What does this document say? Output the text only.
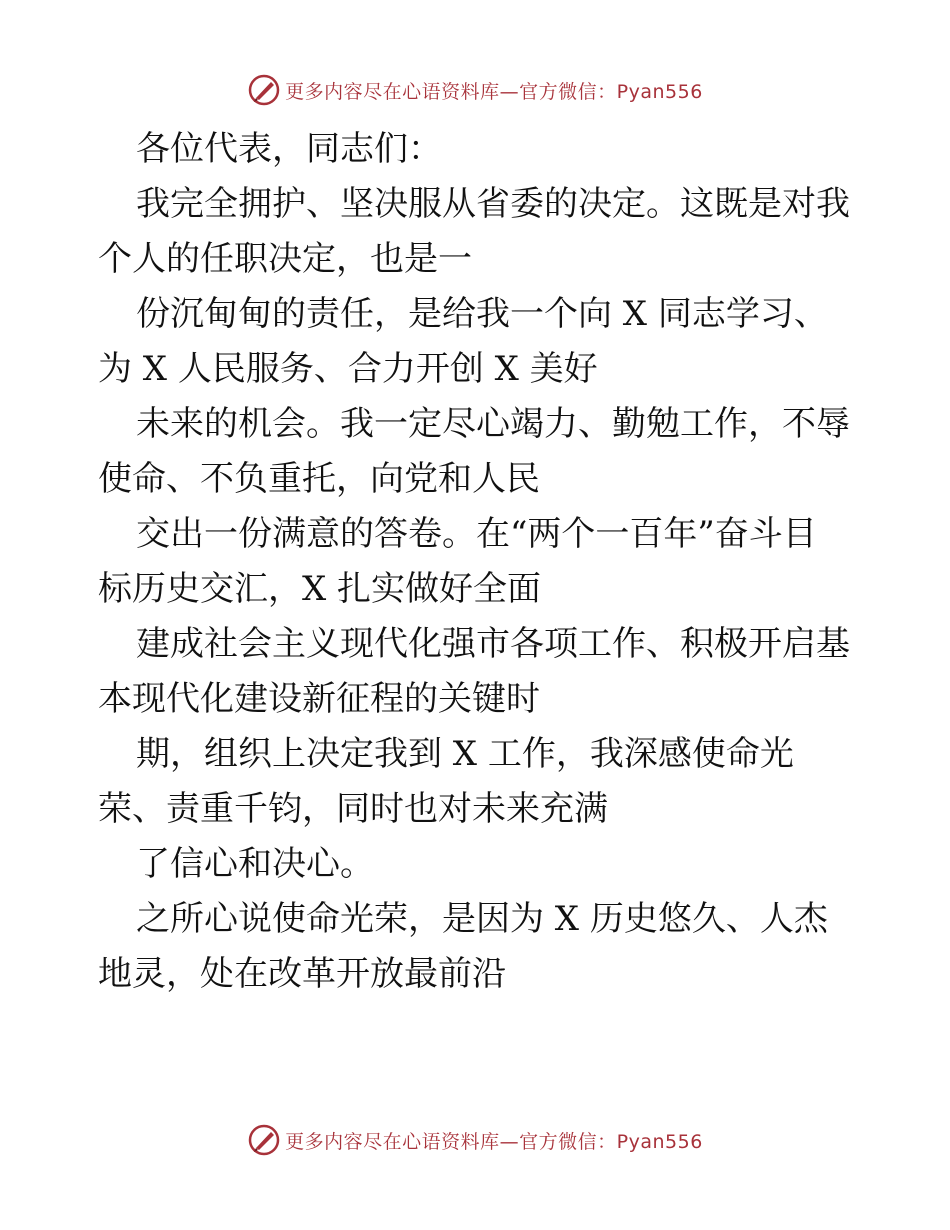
更多内容尽在心语资料库—官方微信：Pyan556
各位代表，同志们：
我完全拥护、坚决服从省委的决定。这既是对我
个人的任职决定，也是一
份沉甸甸的责任，是给我一个向 X 同志学习、
为 X 人民服务、合力开创 X 美好
未来的机会。我一定尽心竭力、勤勉工作，不辱
使命、不负重托，向党和人民
交出一份满意的答卷。在“两个一百年”奋斗目
标历史交汇，X 扎实做好全面
建成社会主义现代化强市各项工作、积极开启基
本现代化建设新征程的关键时
期，组织上决定我到 X 工作，我深感使命光
荣、责重千钧，同时也对未来充满
了信心和决心。
之所心说使命光荣，是因为 X 历史悠久、人杰
地灵，处在改革开放最前沿
更多内容尽在心语资料库—官方微信：Pyan556
